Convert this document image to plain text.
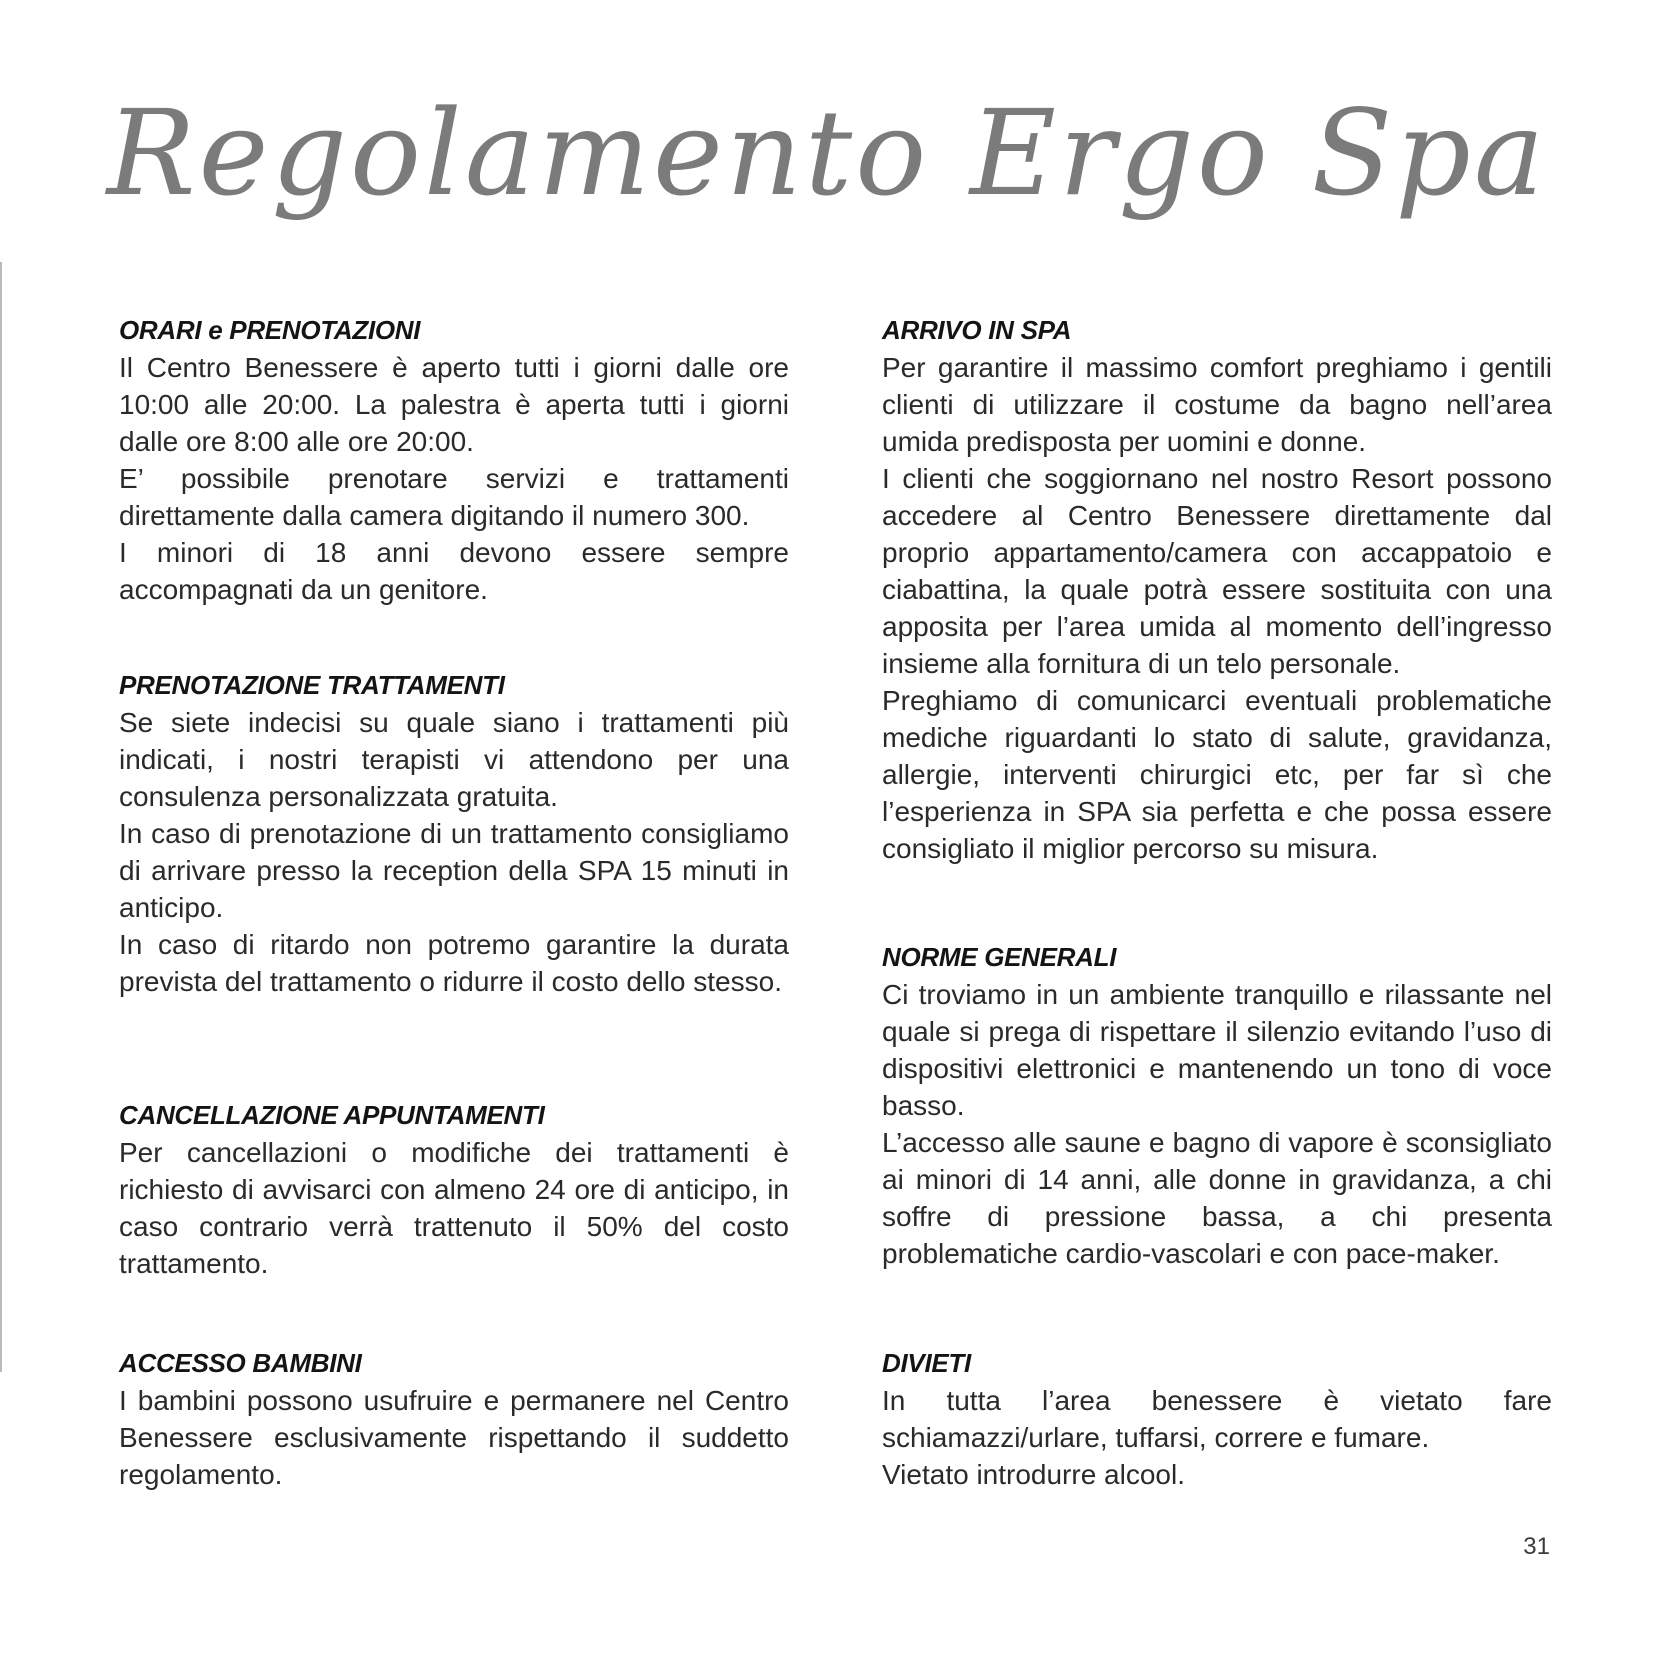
Regolamento Ergo Spa
ORARI e PRENOTAZIONI

Il Centro Benessere è aperto tutti i giorni dalle ore 10:00 alle 20:00. La palestra è aperta tutti i giorni dalle ore 8:00 alle ore 20:00.

E’ possibile prenotare servizi e trattamenti direttamente dalla camera digitando il numero 300.

I minori di 18 anni devono essere sempre accompagnati da un genitore.

PRENOTAZIONE TRATTAMENTI

Se siete indecisi su quale siano i trattamenti più indicati, i nostri terapisti vi attendono per una consulenza personalizzata gratuita.

In caso di prenotazione di un trattamento consigliamo di arrivare presso la reception della SPA 15 minuti in anticipo.

In caso di ritardo non potremo garantire la durata prevista del trattamento o ridurre il costo dello stesso.

CANCELLAZIONE APPUNTAMENTI

Per cancellazioni o modifiche dei trattamenti è richiesto di avvisarci con almeno 24 ore di anticipo, in caso contrario verrà trattenuto il 50% del costo trattamento.

ACCESSO BAMBINI

I bambini possono usufruire e permanere nel Centro Benessere esclusivamente rispettando il suddetto regolamento.

ARRIVO IN SPA

Per garantire il massimo comfort preghiamo i gentili clienti di utilizzare il costume da bagno nell’area umida predisposta per uomini e donne.

I clienti che soggiornano nel nostro Resort possono accedere al Centro Benessere direttamente dal proprio appartamento/camera con accappatoio e ciabattina, la quale potrà essere sostituita con una apposita per l’area umida al momento dell’ingresso insieme alla fornitura di un telo personale.

Preghiamo di comunicarci eventuali problematiche mediche riguardanti lo stato di salute, gravidanza, allergie, interventi chirurgici etc, per far sì che l’esperienza in SPA sia perfetta e che possa essere consigliato il miglior percorso su misura.

NORME GENERALI

Ci troviamo in un ambiente tranquillo e rilassante nel quale si prega di rispettare il silenzio evitando l’uso di dispositivi elettronici e mantenendo un tono di voce basso.

L’accesso alle saune e bagno di vapore è sconsigliato ai minori di 14 anni, alle donne in gravidanza, a chi soffre di pressione bassa, a chi presenta problematiche cardio-vascolari e con pace-maker.

DIVIETI

In tutta l’area benessere è vietato fare schiamazzi/urlare, tuffarsi, correre e fumare.

Vietato introdurre alcool.

31
